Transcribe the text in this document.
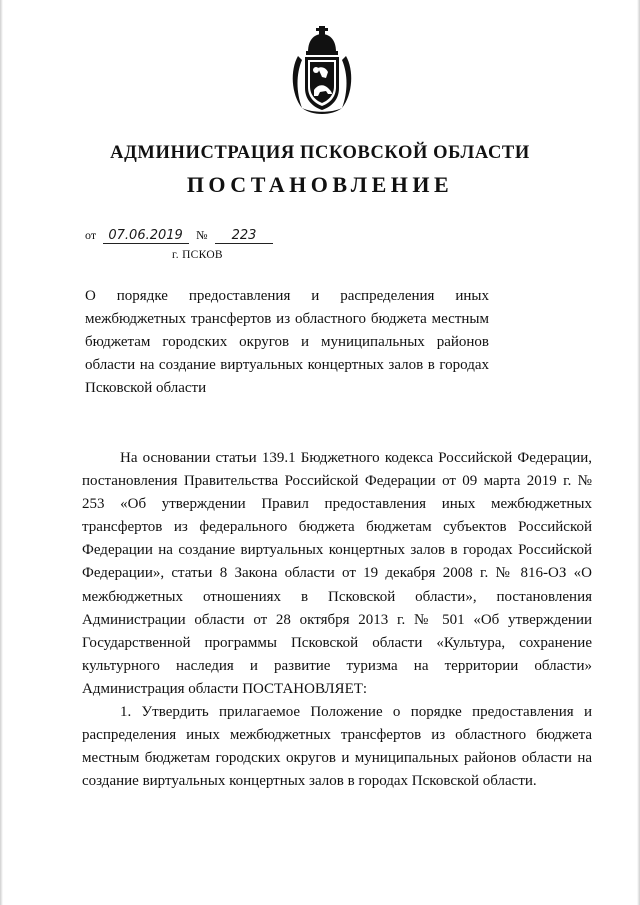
АДМИНИСТРАЦИЯ ПСКОВСКОЙ ОБЛАСТИ
ПОСТАНОВЛЕНИЕ
от 07.06.2019 № 223
г. ПСКОВ
О порядке предоставления и распределения иных межбюджетных трансфертов из областного бюджета местным бюджетам городских округов и муниципальных районов области на создание виртуальных концертных залов в городах Псковской области

На основании статьи 139.1 Бюджетного кодекса Российской Федерации, постановления Правительства Российской Федерации от 09 марта 2019 г. № 253 «Об утверждении Правил предоставления иных межбюджетных трансфертов из федерального бюджета бюджетам субъектов Российской Федерации на создание виртуальных концертных залов в городах Российской Федерации», статьи 8 Закона области от 19 декабря 2008 г. № 816-ОЗ «О межбюджетных отношениях в Псковской области», постановления Администрации области от 28 октября 2013 г. № 501 «Об утверждении Государственной программы Псковской области «Культура, сохранение культурного наследия и развитие туризма на территории области» Администрация области ПОСТАНОВЛЯЕТ:

1. Утвердить прилагаемое Положение о порядке предоставления и распределения иных межбюджетных трансфертов из областного бюджета местным бюджетам городских округов и муниципальных районов области на создание виртуальных концертных залов в городах Псковской области.
